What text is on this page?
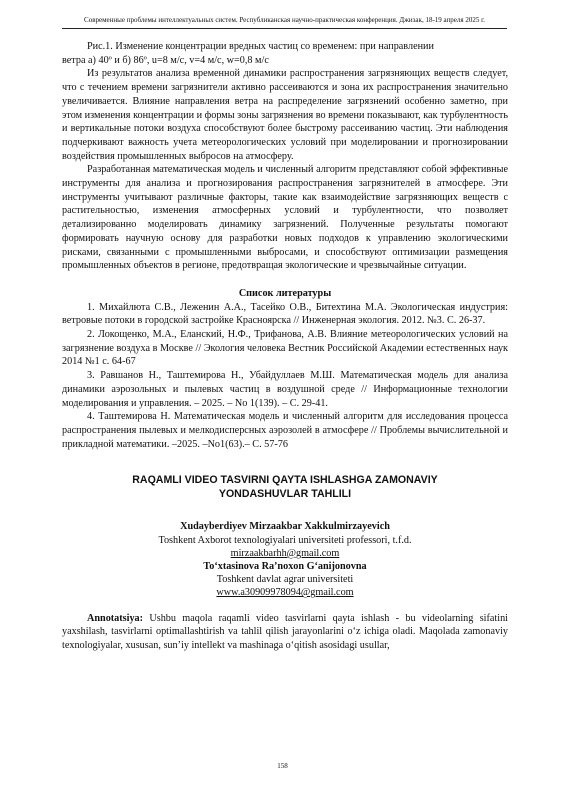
Современные проблемы интеллектуальных систем. Республиканская научно-практическая конференция. Джизак, 18-19 апреля 2025 г.

Рис.1. Изменение концентрации вредных частиц со временем: при направлении

ветра а) 40º и б) 86º, u=8 м/с, v=4 м/с, w=0,8 м/с

Из результатов анализа временной динамики распространения загрязняющих веществ следует, что с течением времени загрязнители активно рассеиваются и зона их распространения значительно увеличивается. Влияние направления ветра на распределение загрязнений особенно заметно, при этом изменения концентрации и формы зоны загрязнения во времени показывают, как турбулентность и вертикальные потоки воздуха способствуют более быстрому рассеиванию частиц. Эти наблюдения подчеркивают важность учета метеорологических условий при моделировании и прогнозировании воздействия промышленных выбросов на атмосферу.

Разработанная математическая модель и численный алгоритм представляют собой эффективные инструменты для анализа и прогнозирования распространения загрязнителей в атмосфере. Эти инструменты учитывают различные факторы, такие как взаимодействие загрязняющих веществ с растительностью, изменения атмосферных условий и турбулентности, что позволяет детализированно моделировать динамику загрязнений. Полученные результаты помогают формировать научную основу для разработки новых подходов к управлению экологическими рисками, связанными с промышленными выбросами, и способствуют оптимизации размещения промышленных объектов в регионе, предотвращая экологические и чрезвычайные ситуации.

Список литературы

1. Михайлюта С.В., Леженин А.А., Тасейко О.В., Битехтина М.А. Экологическая индустрия: ветровые потоки в городской застройке Красноярска // Инженерная экология. 2012. №3. С. 26-37.

2. Локощенко, М.А., Еланский, Н.Ф., Трифанова, А.В. Влияние метеорологических условий на загрязнение воздуха в Москве // Экология человека Вестник Российской Академии естественных наук 2014 №1 с. 64-67

3. Равшанов Н., Таштемирова Н., Убайдуллаев М.Ш. Математическая модель для анализа динамики аэрозольных и пылевых частиц в воздушной среде // Информационные технологии моделирования и управления. – 2025. – No 1(139). – С. 29-41.

4. Таштемирова Н. Математическая модель и численный алгоритм для исследования процесса распространения пылевых и мелкодисперсных аэрозолей в атмосфере // Проблемы вычислительной и прикладной математики. –2025. –No1(63).– С. 57-76

RAQAMLI VIDEO TASVIRNI QAYTA ISHLASHGA ZAMONAVIY
YONDASHUVLAR TAHLILI
Xudayberdiyev Mirzaakbar Xakkulmirzayevich
Toshkent Axborot texnologiyalari universiteti professori, t.f.d.
mirzaakbarhh@gmail.com
To‘xtasinova Ra’noxon G‘anijonovna
Toshkent davlat agrar universiteti
www.a30909978094@gmail.com

Annotatsiya: Ushbu maqola raqamli video tasvirlarni qayta ishlash - bu videolarning sifatini yaxshilash, tasvirlarni optimallashtirish va tahlil qilish jarayonlarini o‘z ichiga oladi. Maqolada zamonaviy texnologiyalar, xususan, sun’iy intellekt va mashinaga o‘qitish asosidagi usullar,

158
